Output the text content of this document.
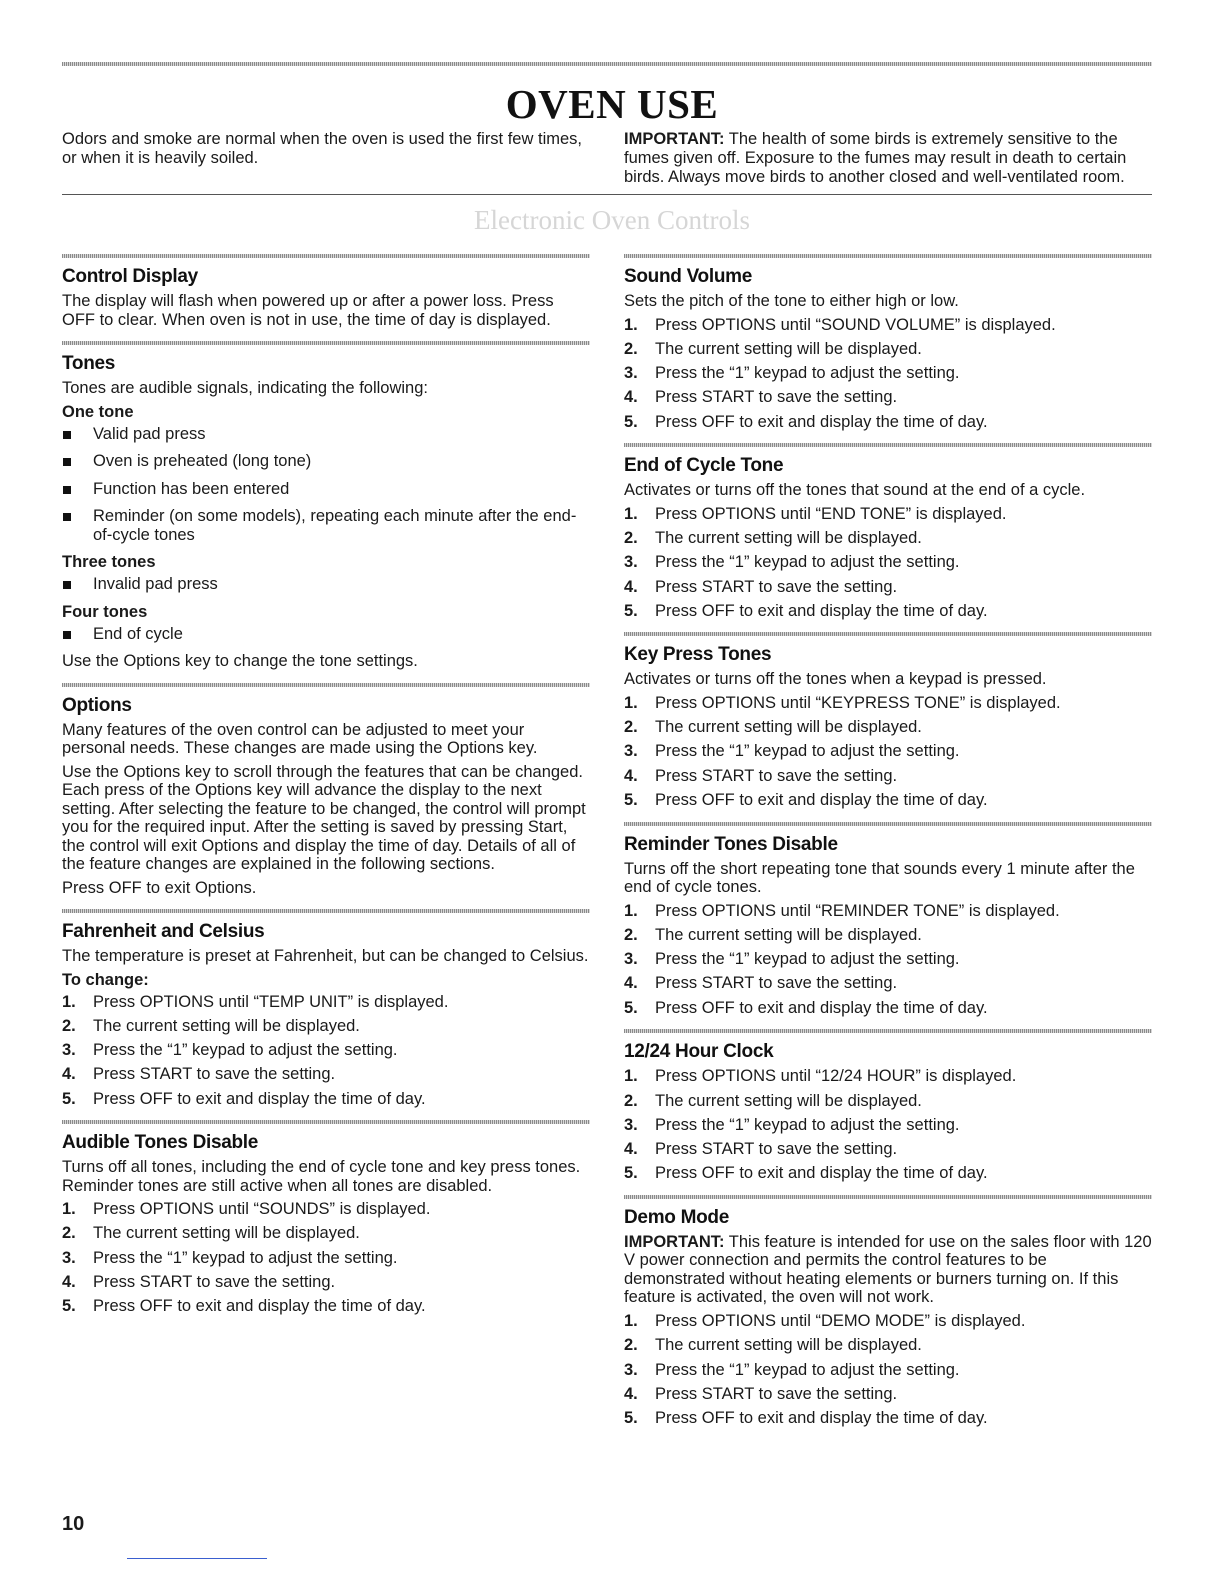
OVEN USE
Odors and smoke are normal when the oven is used the first few times, or when it is heavily soiled.
IMPORTANT: The health of some birds is extremely sensitive to the fumes given off. Exposure to the fumes may result in death to certain birds. Always move birds to another closed and well-ventilated room.
Electronic Oven Controls
Control Display

The display will flash when powered up or after a power loss. Press OFF to clear. When oven is not in use, the time of day is displayed.

Tones

Tones are audible signals, indicating the following:

One tone
Valid pad press
Oven is preheated (long tone)
Function has been entered
Reminder (on some models), repeating each minute after the end-of-cycle tones
Three tones
Invalid pad press
Four tones
End of cycle

Use the Options key to change the tone settings.

Options

Many features of the oven control can be adjusted to meet your personal needs. These changes are made using the Options key.

Use the Options key to scroll through the features that can be changed. Each press of the Options key will advance the display to the next setting. After selecting the feature to be changed, the control will prompt you for the required input. After the setting is saved by pressing Start, the control will exit Options and display the time of day. Details of all of the feature changes are explained in the following sections.

Press OFF to exit Options.

Fahrenheit and Celsius

The temperature is preset at Fahrenheit, but can be changed to Celsius.

To change:
1. Press OPTIONS until “TEMP UNIT” is displayed.
2. The current setting will be displayed.
3. Press the “1” keypad to adjust the setting.
4. Press START to save the setting.
5. Press OFF to exit and display the time of day.
Audible Tones Disable

Turns off all tones, including the end of cycle tone and key press tones. Reminder tones are still active when all tones are disabled.

1. Press OPTIONS until “SOUNDS” is displayed.
2. The current setting will be displayed.
3. Press the “1” keypad to adjust the setting.
4. Press START to save the setting.
5. Press OFF to exit and display the time of day.
Sound Volume

Sets the pitch of the tone to either high or low.

1. Press OPTIONS until “SOUND VOLUME” is displayed.
2. The current setting will be displayed.
3. Press the “1” keypad to adjust the setting.
4. Press START to save the setting.
5. Press OFF to exit and display the time of day.
End of Cycle Tone

Activates or turns off the tones that sound at the end of a cycle.

1. Press OPTIONS until “END TONE” is displayed.
2. The current setting will be displayed.
3. Press the “1” keypad to adjust the setting.
4. Press START to save the setting.
5. Press OFF to exit and display the time of day.
Key Press Tones

Activates or turns off the tones when a keypad is pressed.

1. Press OPTIONS until “KEYPRESS TONE” is displayed.
2. The current setting will be displayed.
3. Press the “1” keypad to adjust the setting.
4. Press START to save the setting.
5. Press OFF to exit and display the time of day.
Reminder Tones Disable

Turns off the short repeating tone that sounds every 1 minute after the end of cycle tones.

1. Press OPTIONS until “REMINDER TONE” is displayed.
2. The current setting will be displayed.
3. Press the “1” keypad to adjust the setting.
4. Press START to save the setting.
5. Press OFF to exit and display the time of day.
12/24 Hour Clock
1. Press OPTIONS until “12/24 HOUR” is displayed.
2. The current setting will be displayed.
3. Press the “1” keypad to adjust the setting.
4. Press START to save the setting.
5. Press OFF to exit and display the time of day.
Demo Mode

IMPORTANT: This feature is intended for use on the sales floor with 120 V power connection and permits the control features to be demonstrated without heating elements or burners turning on. If this feature is activated, the oven will not work.

1. Press OPTIONS until “DEMO MODE” is displayed.
2. The current setting will be displayed.
3. Press the “1” keypad to adjust the setting.
4. Press START to save the setting.
5. Press OFF to exit and display the time of day.
10
